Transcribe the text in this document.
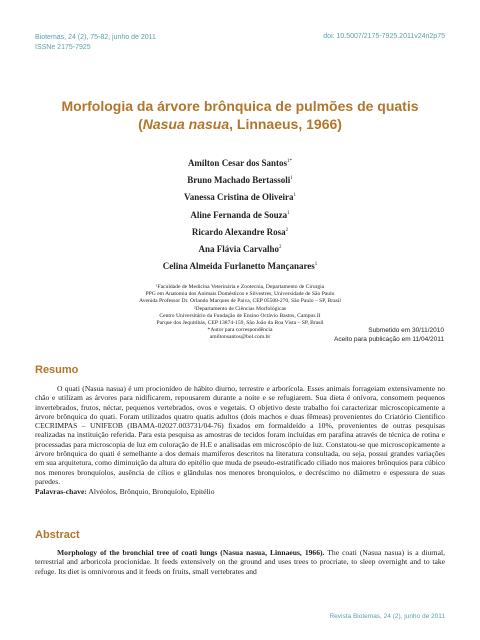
Biotemas, 24 (2), 75-82, junho de 2011
ISSNe 2175-7925
doi: 10.5007/2175-7925.2011v24n2p75
Morfologia da árvore brônquica de pulmões de quatis
(Nasua nasua, Linnaeus, 1966)
Amilton Cesar dos Santos$^{1*}$
Bruno Machado Bertassoli$^1$
Vanessa Cristina de Oliveira$^1$
Aline Fernanda de Souza$^1$
Ricardo Alexandre Rosa$^2$
Ana Flávia Carvalho$^2$
Celina Almeida Furlanetto Mançanares$^1$
¹Faculdade de Medicina Veterinária e Zootecnia, Departamento de Cirurgia
PPG em Anatomia dos Animais Domésticos e Silvestres, Universidade de São Paulo
Avenida Professor Dr. Orlando Marques de Paiva, CEP 05508-270, São Paulo – SP, Brasil
²Departamento de Ciências Morfológicas
Centro Universitário da Fundação de Ensino Octávio Bastos, Campus II
Parque dos Jequitibás, CEP 13874-159, São João da Boa Vista – SP, Brasil
*Autor para correspondência
amiltonsantos@bol.com.br
Submetido em 30/11/2010
Aceito para publicação em 11/04/2011
Resumo
O quati (Nasua nasua) é um procionídeo de hábito diurno, terrestre e arborícola. Esses animais forrageiam extensivamente no chão e utilizam as árvores para nidificarem, repousarem durante a noite e se refugiarem. Sua dieta é onívora, consomem pequenos invertebrados, frutos, néctar, pequenos vertebrados, ovos e vegetais. O objetivo deste trabalho foi caracterizar microscopicamente a árvore brônquica do quati. Foram utilizados quatro quatis adultos (dois machos e duas fêmeas) provenientes do Criatório Científico CECRIMPAS – UNIFEOB (IBAMA-02027.003731/04-76) fixados em formaldeído a 10%, provenientes de outras pesquisas realizadas na instituição referida. Para esta pesquisa as amostras de tecidos foram incluídas em parafina através de técnica de rotina e processadas para microscopia de luz em coloração de H.E e analisadas em microscópio de luz. Constatou-se que microscopicamente a árvore brônquica do quati é semelhante a dos demais mamíferos descritos na literatura consultada, ou seja, possui grandes variações em sua arquitetura, como diminuição da altura do epitélio que muda de pseudo-estratificado ciliado nos maiores brônquios para cúbico nos menores bronquíolos, ausência de cílios e glândulas nos menores bronquíolos, e decréscimo no diâmetro e espessura de suas paredes.
Palavras-chave: Alvéolos, Brônquio, Bronquíolo, Epitélio
Abstract
Morphology of the bronchial tree of coati lungs (Nasua nasua, Linnaeus, 1966). The coati (Nasua nasua) is a diurnal, terrestrial and arboricola procionidae. It feeds extensively on the ground and uses trees to procriate, to sleep overnight and to take refuge. Its diet is omnivorous and it feeds on fruits, small vertebrates and
Revista Biotemas, 24 (2), junho de 2011
